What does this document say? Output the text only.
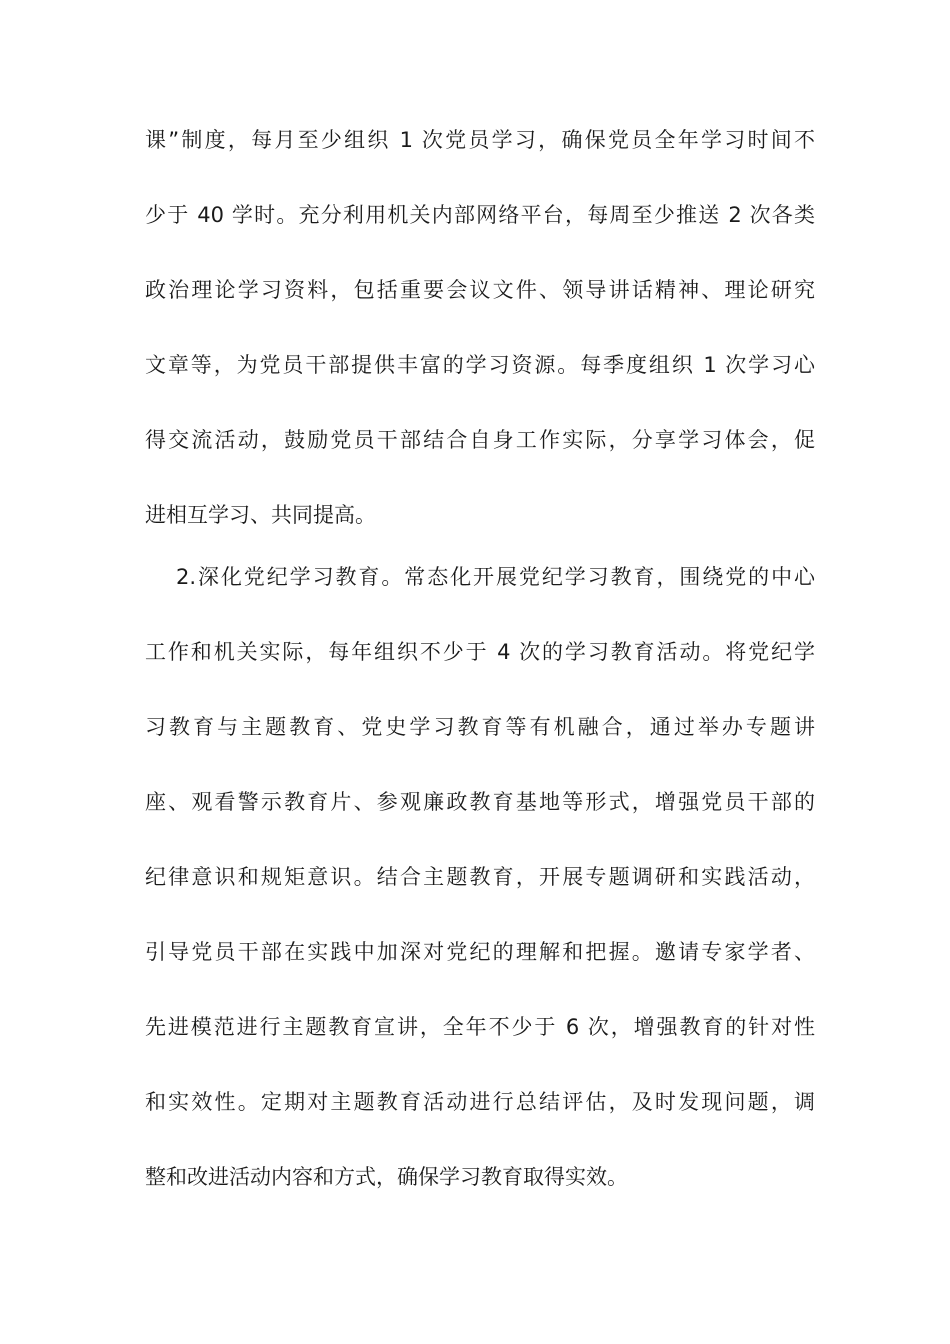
课”制度，每月至少组织 1 次党员学习，确保党员全年学习时间不
少于 40 学时。充分利用机关内部网络平台，每周至少推送 2 次各类
政治理论学习资料，包括重要会议文件、领导讲话精神、理论研究
文章等，为党员干部提供丰富的学习资源。每季度组织 1 次学习心
得交流活动，鼓励党员干部结合自身工作实际，分享学习体会，促
进相互学习、共同提高。
2.深化党纪学习教育。常态化开展党纪学习教育，围绕党的中心
工作和机关实际，每年组织不少于 4 次的学习教育活动。将党纪学
习教育与主题教育、党史学习教育等有机融合，通过举办专题讲
座、观看警示教育片、参观廉政教育基地等形式，增强党员干部的
纪律意识和规矩意识。结合主题教育，开展专题调研和实践活动，
引导党员干部在实践中加深对党纪的理解和把握。邀请专家学者、
先进模范进行主题教育宣讲，全年不少于 6 次，增强教育的针对性
和实效性。定期对主题教育活动进行总结评估，及时发现问题，调
整和改进活动内容和方式，确保学习教育取得实效。
